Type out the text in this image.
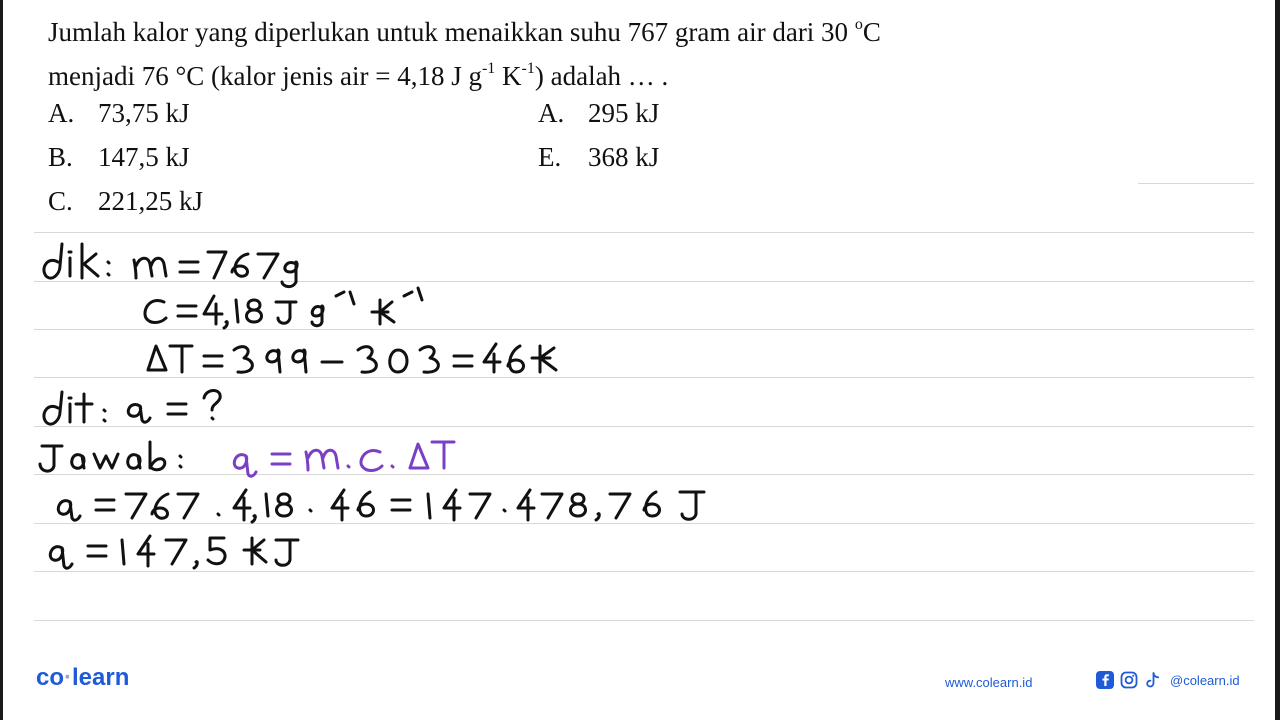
Jumlah kalor yang diperlukan untuk menaikkan suhu 767 gram air dari 30 $^o$C
menjadi 76 °C (kalor jenis air = 4,18 J $g^{-1}$ $K^{-1}$) adalah … .
A. 73,75 kJ
B. 147,5 kJ
C. 221,25 kJ
A. 295 kJ
E. 368 kJ
co·learn	www.colearn.id	@colearn.id
